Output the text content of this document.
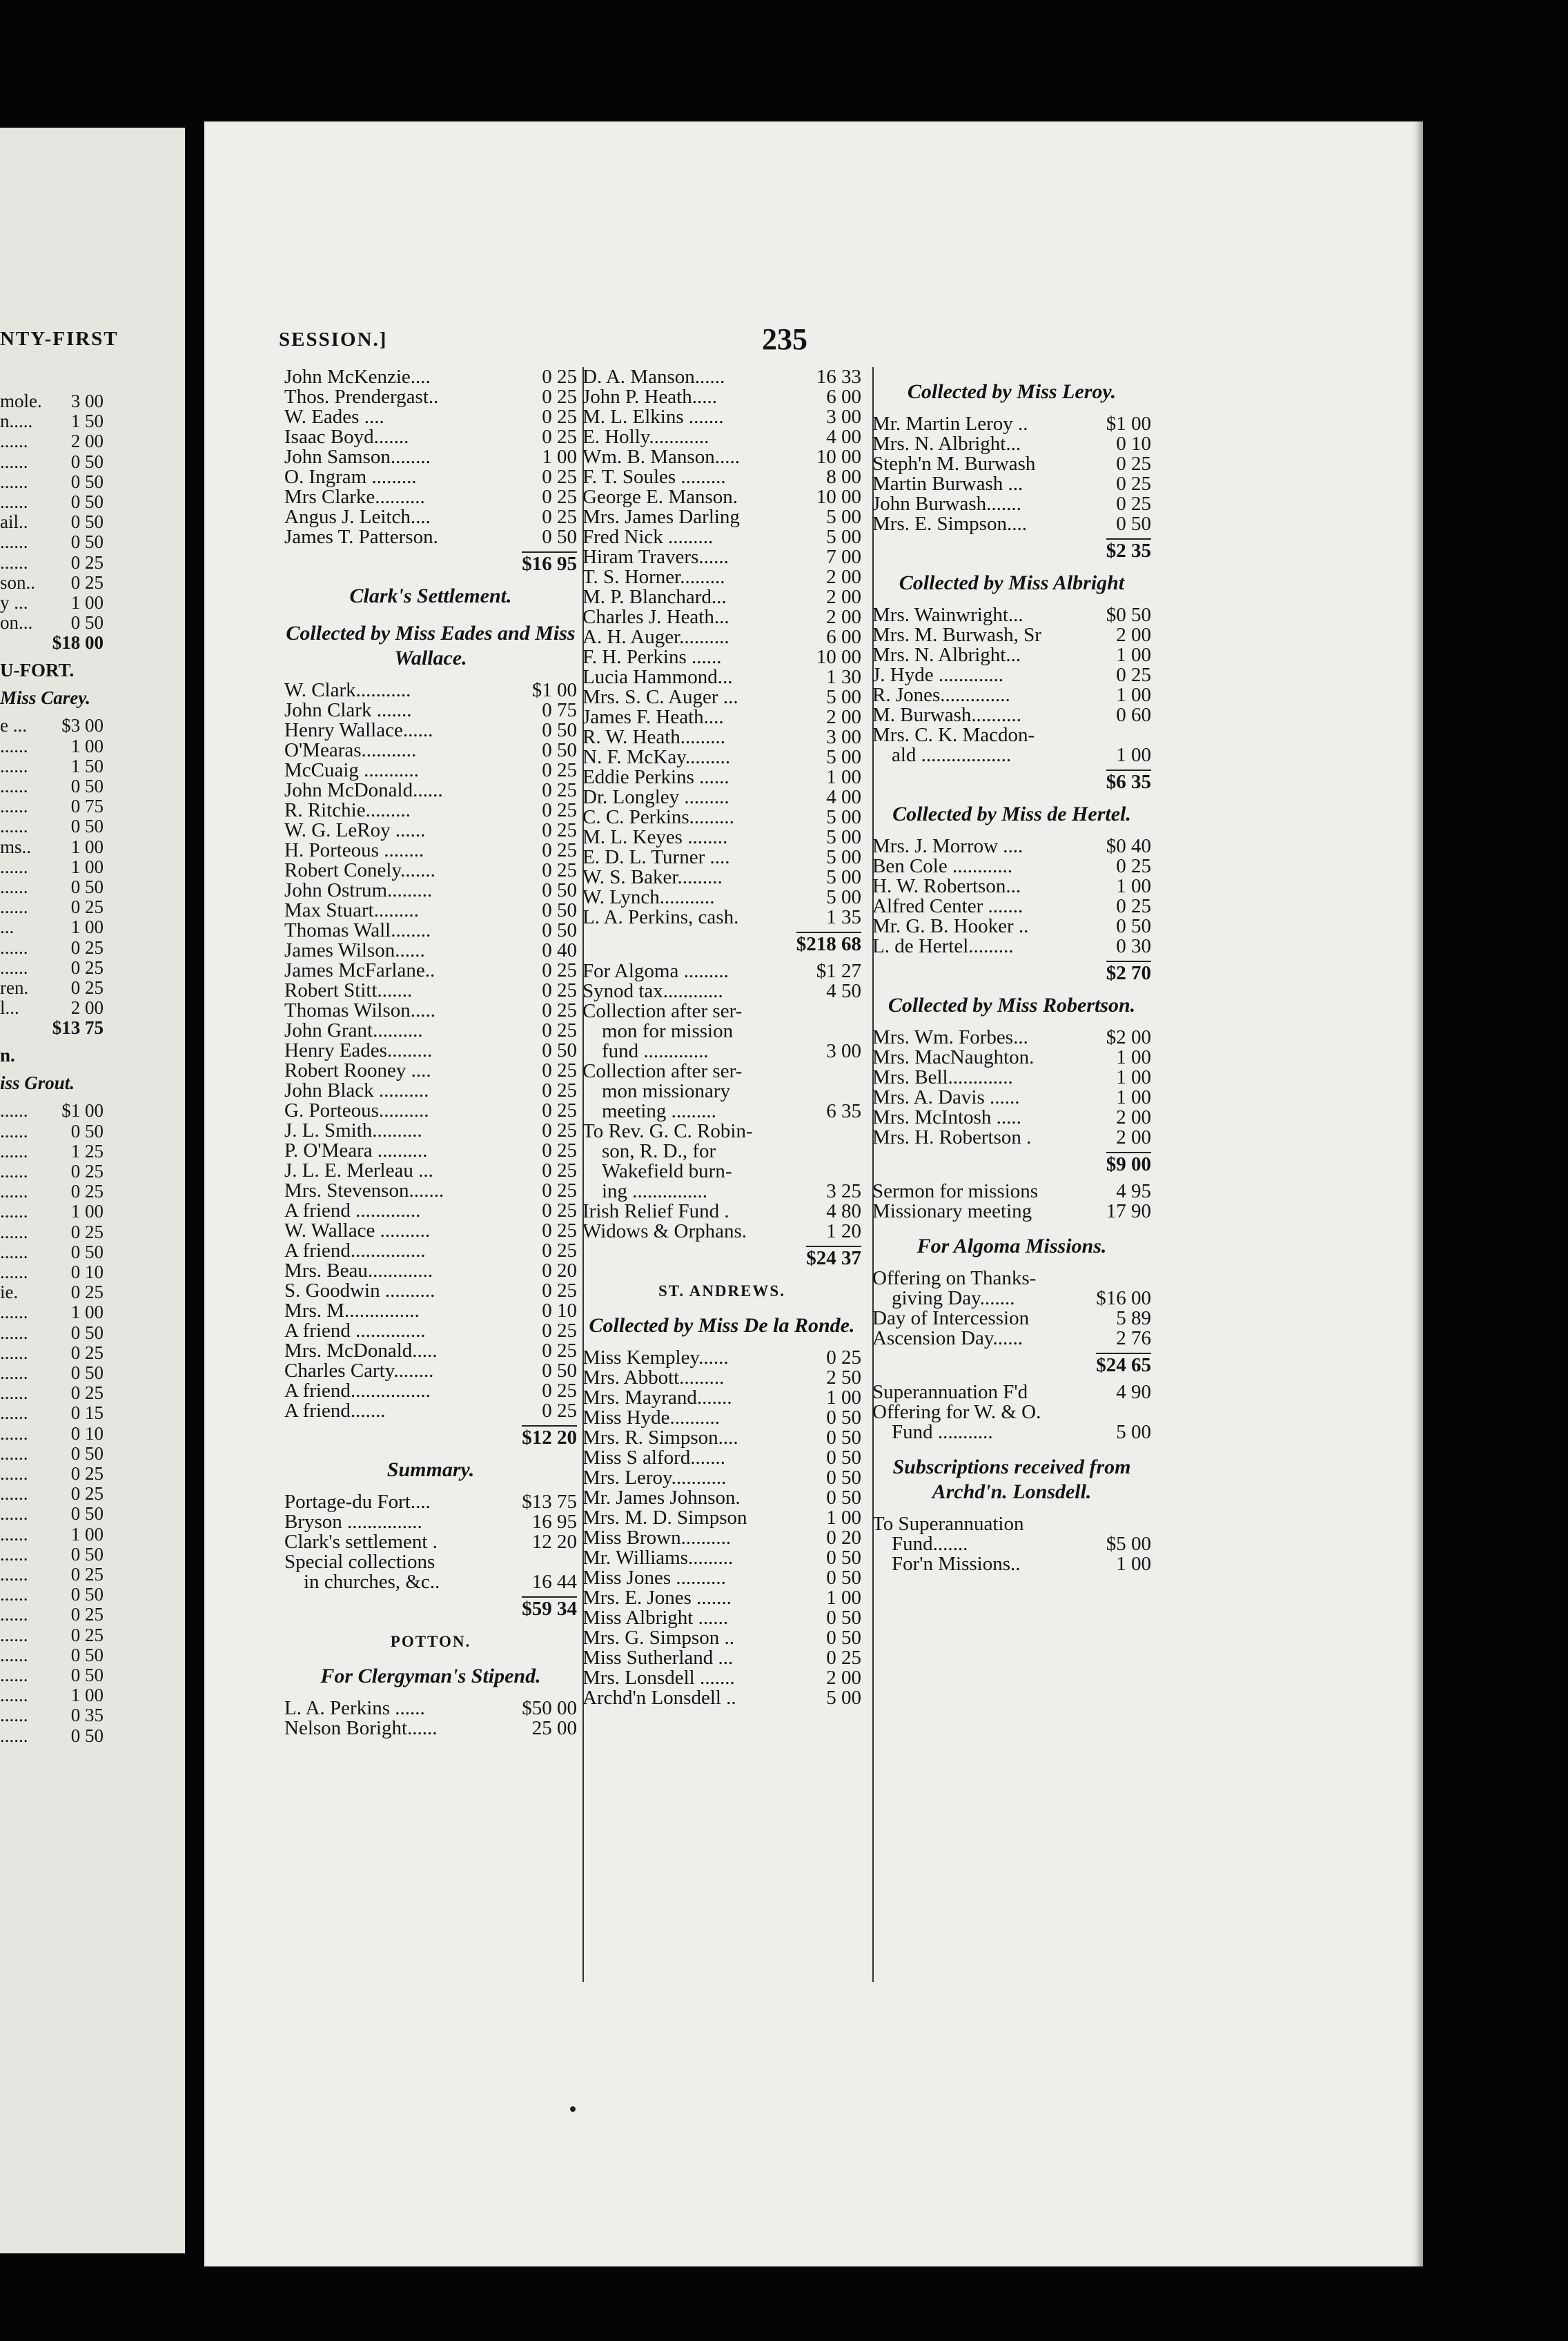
NTY-FIRST
mole. 3 00
n..... 1 50
...... 2 00
...... 0 50
...... 0 50
...... 0 50
ail.. 0 50
...... 0 50
...... 0 25
son.. 0 25
y ... 1 00
on... 0 50
$18 00
U-FORT.
Miss Carey.
e ... $3 00
...... 1 00
...... 1 50
...... 0 50
...... 0 75
...... 0 50
ms.. 1 00
...... 1 00
...... 0 50
...... 0 25
...	1 00
...... 0 25
...... 0 25
ren. 0 25
l...	2 00
$13 75
n.
iss Grout.
...... $1 00
...... 0 50
...... 1 25
...... 0 25
...... 0 25
...... 1 00
...... 0 25
...... 0 50
...... 0 10
ie.	0 25
...... 1 00
...... 0 50
...... 0 25
...... 0 50
...... 0 25
...... 0 15
...... 0 10
...... 0 50
...... 0 25
...... 0 25
...... 0 50
...... 1 00
...... 0 50
...... 0 25
...... 0 50
...... 0 25
...... 0 25
...... 0 50
...... 0 50
...... 1 00
...... 0 35
...... 0 50
SESSION.]	235
John McKenzie....	0 25
Thos. Prendergast..	0 25
W. Eades ....	0 25
Isaac Boyd.......	0 25
John Samson........	1 00
O. Ingram .........	0 25
Mrs Clarke..........	0 25
Angus J. Leitch....	0 25
James T. Patterson.	0 50
$16 95
Clark's Settlement.
Collected by Miss Eades and Miss Wallace.
W. Clark...........	$1 00
John Clark .......	0 75
Henry Wallace......	0 50
O'Mearas...........	0 50
McCuaig ...........	0 25
John McDonald......	0 25
R. Ritchie.........	0 25
W. G. LeRoy ......	0 25
H. Porteous ........	0 25
Robert Conely.......	0 25
John Ostrum.........	0 50
Max Stuart.........	0 50
Thomas Wall........	0 50
James Wilson......	0 40
James McFarlane..	0 25
Robert Stitt.......	0 25
Thomas Wilson.....	0 25
John Grant..........	0 25
Henry Eades.........	0 50
Robert Rooney ....	0 25
John Black ..........	0 25
G. Porteous..........	0 25
J. L. Smith..........	0 25
P. O'Meara ..........	0 25
J. L. E. Merleau ...	0 25
Mrs. Stevenson.......	0 25
A friend .............	0 25
W. Wallace ..........	0 25
A friend...............	0 25
Mrs. Beau.............	0 20
S. Goodwin ..........	0 25
Mrs. M...............	0 10
A friend ..............	0 25
Mrs. McDonald.....	0 25
Charles Carty........	0 50
A friend................	0 25
A friend.......	0 25
$12 20
Summary.
Portage-du Fort....	$13 75
Bryson ...............	16 95
Clark's settlement .	12 20
Special collections
in churches, &c..	16 44
$59 34
POTTON.
For Clergyman's Stipend.
L. A. Perkins ......	$50 00
Nelson Boright......	25 00
D. A. Manson......	16 33
John P. Heath.....	6 00
M. L. Elkins .......	3 00
E. Holly............	4 00
Wm. B. Manson.....	10 00
F. T. Soules .........	8 00
George E. Manson.	10 00
Mrs. James Darling	5 00
Fred Nick .........	5 00
Hiram Travers......	7 00
T. S. Horner.........	2 00
M. P. Blanchard...	2 00
Charles J. Heath...	2 00
A. H. Auger..........	6 00
F. H. Perkins ......	10 00
Lucia Hammond...	1 30
Mrs. S. C. Auger ...	5 00
James F. Heath....	2 00
R. W. Heath.........	3 00
N. F. McKay.........	5 00
Eddie Perkins ......	1 00
Dr. Longley .........	4 00
C. C. Perkins.........	5 00
M. L. Keyes ........	5 00
E. D. L. Turner ....	5 00
W. S. Baker.........	5 00
W. Lynch...........	5 00
L. A. Perkins, cash.	1 35
$218 68
For Algoma .........	$1 27
Synod tax............	4 50
Collection after ser-
mon for mission
fund .............	3 00
Collection after ser-
mon missionary
meeting .........	6 35
To Rev. G. C. Robin-
son, R. D., for
Wakefield burn-
ing ...............	3 25
Irish Relief Fund .	4 80
Widows & Orphans.	1 20
$24 37
ST. ANDREWS.
Collected by Miss De la Ronde.
Miss Kempley......	0 25
Mrs. Abbott.........	2 50
Mrs. Mayrand.......	1 00
Miss Hyde..........	0 50
Mrs. R. Simpson....	0 50
Miss S alford.......	0 50
Mrs. Leroy...........	0 50
Mr. James Johnson.	0 50
Mrs. M. D. Simpson	1 00
Miss Brown..........	0 20
Mr. Williams.........	0 50
Miss Jones ..........	0 50
Mrs. E. Jones .......	1 00
Miss Albright ......	0 50
Mrs. G. Simpson ..	0 50
Miss Sutherland ...	0 25
Mrs. Lonsdell .......	2 00
Archd'n Lonsdell ..	5 00
Collected by Miss Leroy.
Mr. Martin Leroy ..	$1 00
Mrs. N. Albright...	0 10
Steph'n M. Burwash	0 25
Martin Burwash ...	0 25
John Burwash.......	0 25
Mrs. E. Simpson....	0 50
$2 35
Collected by Miss Albright
Mrs. Wainwright...	$0 50
Mrs. M. Burwash, Sr	2 00
Mrs. N. Albright...	1 00
J. Hyde .............	0 25
R. Jones..............	1 00
M. Burwash..........	0 60
Mrs. C. K. Macdon-
ald ..................	1 00
$6 35
Collected by Miss de Hertel.
Mrs. J. Morrow ....	$0 40
Ben Cole ............	0 25
H. W. Robertson...	1 00
Alfred Center .......	0 25
Mr. G. B. Hooker ..	0 50
L. de Hertel.........	0 30
$2 70
Collected by Miss Robertson.
Mrs. Wm. Forbes...	$2 00
Mrs. MacNaughton.	1 00
Mrs. Bell.............	1 00
Mrs. A. Davis ......	1 00
Mrs. McIntosh .....	2 00
Mrs. H. Robertson .	2 00
$9 00
Sermon for missions	4 95
Missionary meeting	17 90
For Algoma Missions.
Offering on Thanks-
giving Day.......	$16 00
Day of Intercession	5 89
Ascension Day......	2 76
$24 65
Superannuation F'd	4 90
Offering for W. & O.
Fund ...........	5 00
Subscriptions received from Archd'n. Lonsdell.
To Superannuation
Fund.......	$5 00
For'n Missions..	1 00
